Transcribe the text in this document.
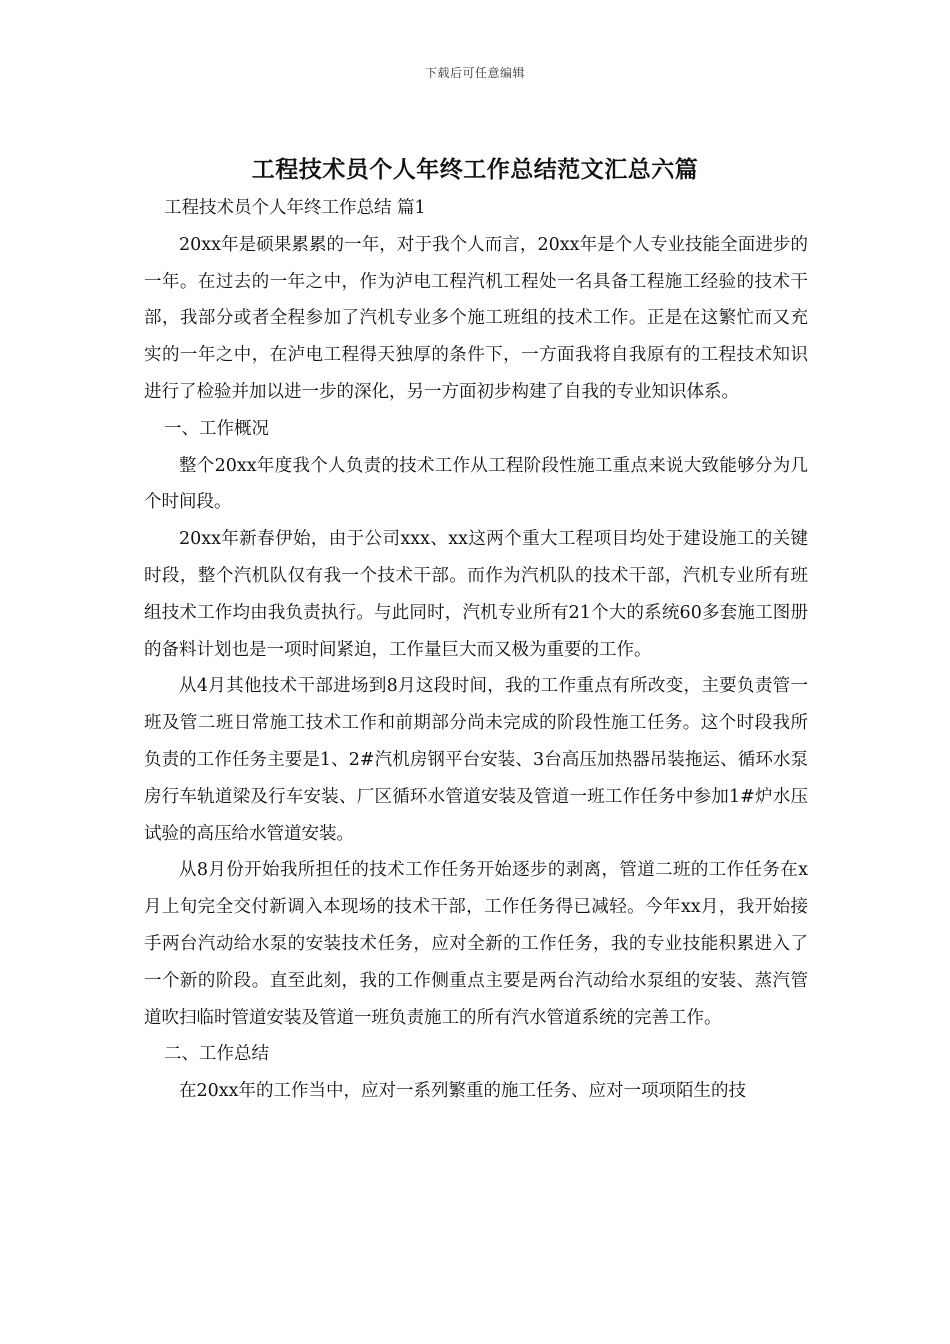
下载后可任意编辑
工程技术员个人年终工作总结范文汇总六篇

工程技术员个人年终工作总结 篇1

20xx年是硕果累累的一年，对于我个人而言，20xx年是个人专业技能全面进步的一年。在过去的一年之中，作为泸电工程汽机工程处一名具备工程施工经验的技术干部，我部分或者全程参加了汽机专业多个施工班组的技术工作。正是在这繁忙而又充实的一年之中，在泸电工程得天独厚的条件下，一方面我将自我原有的工程技术知识进行了检验并加以进一步的深化，另一方面初步构建了自我的专业知识体系。

一、工作概况

整个20xx年度我个人负责的技术工作从工程阶段性施工重点来说大致能够分为几个时间段。

20xx年新春伊始，由于公司xxx、xx这两个重大工程项目均处于建设施工的关键时段，整个汽机队仅有我一个技术干部。而作为汽机队的技术干部，汽机专业所有班组技术工作均由我负责执行。与此同时，汽机专业所有21个大的系统60多套施工图册的备料计划也是一项时间紧迫，工作量巨大而又极为重要的工作。

从4月其他技术干部进场到8月这段时间，我的工作重点有所改变，主要负责管一班及管二班日常施工技术工作和前期部分尚未完成的阶段性施工任务。这个时段我所负责的工作任务主要是1、2#汽机房钢平台安装、3台高压加热器吊装拖运、循环水泵房行车轨道梁及行车安装、厂区循环水管道安装及管道一班工作任务中参加1#炉水压试验的高压给水管道安装。

从8月份开始我所担任的技术工作任务开始逐步的剥离，管道二班的工作任务在x月上旬完全交付新调入本现场的技术干部，工作任务得已减轻。今年xx月，我开始接手两台汽动给水泵的安装技术任务，应对全新的工作任务，我的专业技能积累进入了一个新的阶段。直至此刻，我的工作侧重点主要是两台汽动给水泵组的安装、蒸汽管道吹扫临时管道安装及管道一班负责施工的所有汽水管道系统的完善工作。

二、工作总结

在20xx年的工作当中，应对一系列繁重的施工任务、应对一项项陌生的技
